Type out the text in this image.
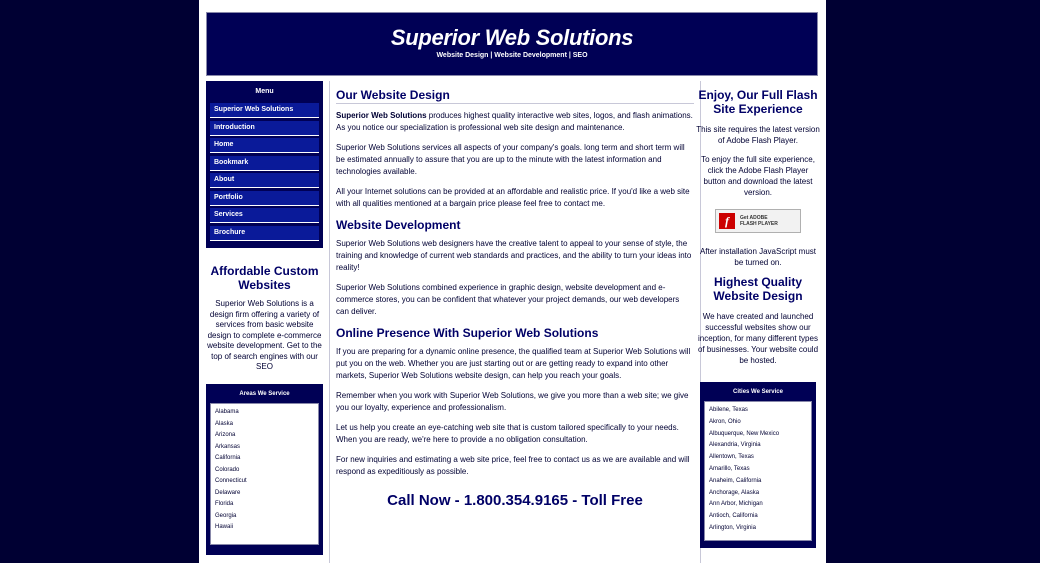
Superior Web Solutions
Website Design | Website Development | SEO
Menu
Superior Web Solutions
Introduction
Home
Bookmark
About
Portfolio
Services
Brochure
Affordable Custom Websites
Superior Web Solutions is a design firm offering a variety of services from basic website design to complete e-commerce website development. Get to the top of search engines with our SEO
Areas We Service
Alabama
Alaska
Arizona
Arkansas
California
Colorado
Connecticut
Delaware
Florida
Georgia
Hawaii
Our Website Design

Superior Web Solutions produces highest quality interactive web sites, logos, and flash animations. As you notice our specialization is professional web site design and maintenance.

Superior Web Solutions services all aspects of your company's goals. long term and short term will be estimated annually to assure that you are up to the minute with the latest information and technologies available.

All your Internet solutions can be provided at an affordable and realistic price. If you'd like a web site with all qualities mentioned at a bargain price please feel free to contact me.

Website Development

Superior Web Solutions web designers have the creative talent to appeal to your sense of style, the training and knowledge of current web standards and practices, and the ability to turn your ideas into reality!

Superior Web Solutions combined experience in graphic design, website development and e-commerce stores, you can be confident that whatever your project demands, our web developers can deliver.

Online Presence With Superior Web Solutions

If you are preparing for a dynamic online presence, the qualified team at Superior Web Solutions will put you on the web. Whether you are just starting out or are getting ready to expand into other markets, Superior Web Solutions website design, can help you reach your goals.

Remember when you work with Superior Web Solutions, we give you more than a web site; we give you our loyalty, experience and professionalism.

Let us help you create an eye-catching web site that is custom tailored specifically to your needs. When you are ready, we're here to provide a no obligation consultation.

For new inquiries and estimating a web site price, feel free to contact us as we are available and will respond as expeditiously as possible.

Call Now - 1.800.354.9165 - Toll Free
Enjoy, Our Full Flash Site Experience
This site requires the latest version of Adobe Flash Player.
To enjoy the full site experience, click the Adobe Flash Player button and download the latest version.
f	Get ADOBE
FLASH PLAYER
After installation JavaScript must be turned on.
Highest Quality Website Design
We have created and launched successful websites show our inception, for many different types of businesses. Your website could be hosted.
Cities We Service
Abilene, Texas
Akron, Ohio
Albuquerque, New Mexico
Alexandria, Virginia
Allentown, Texas
Amarillo, Texas
Anaheim, California
Anchorage, Alaska
Ann Arbor, Michigan
Antioch, California
Arlington, Virginia
